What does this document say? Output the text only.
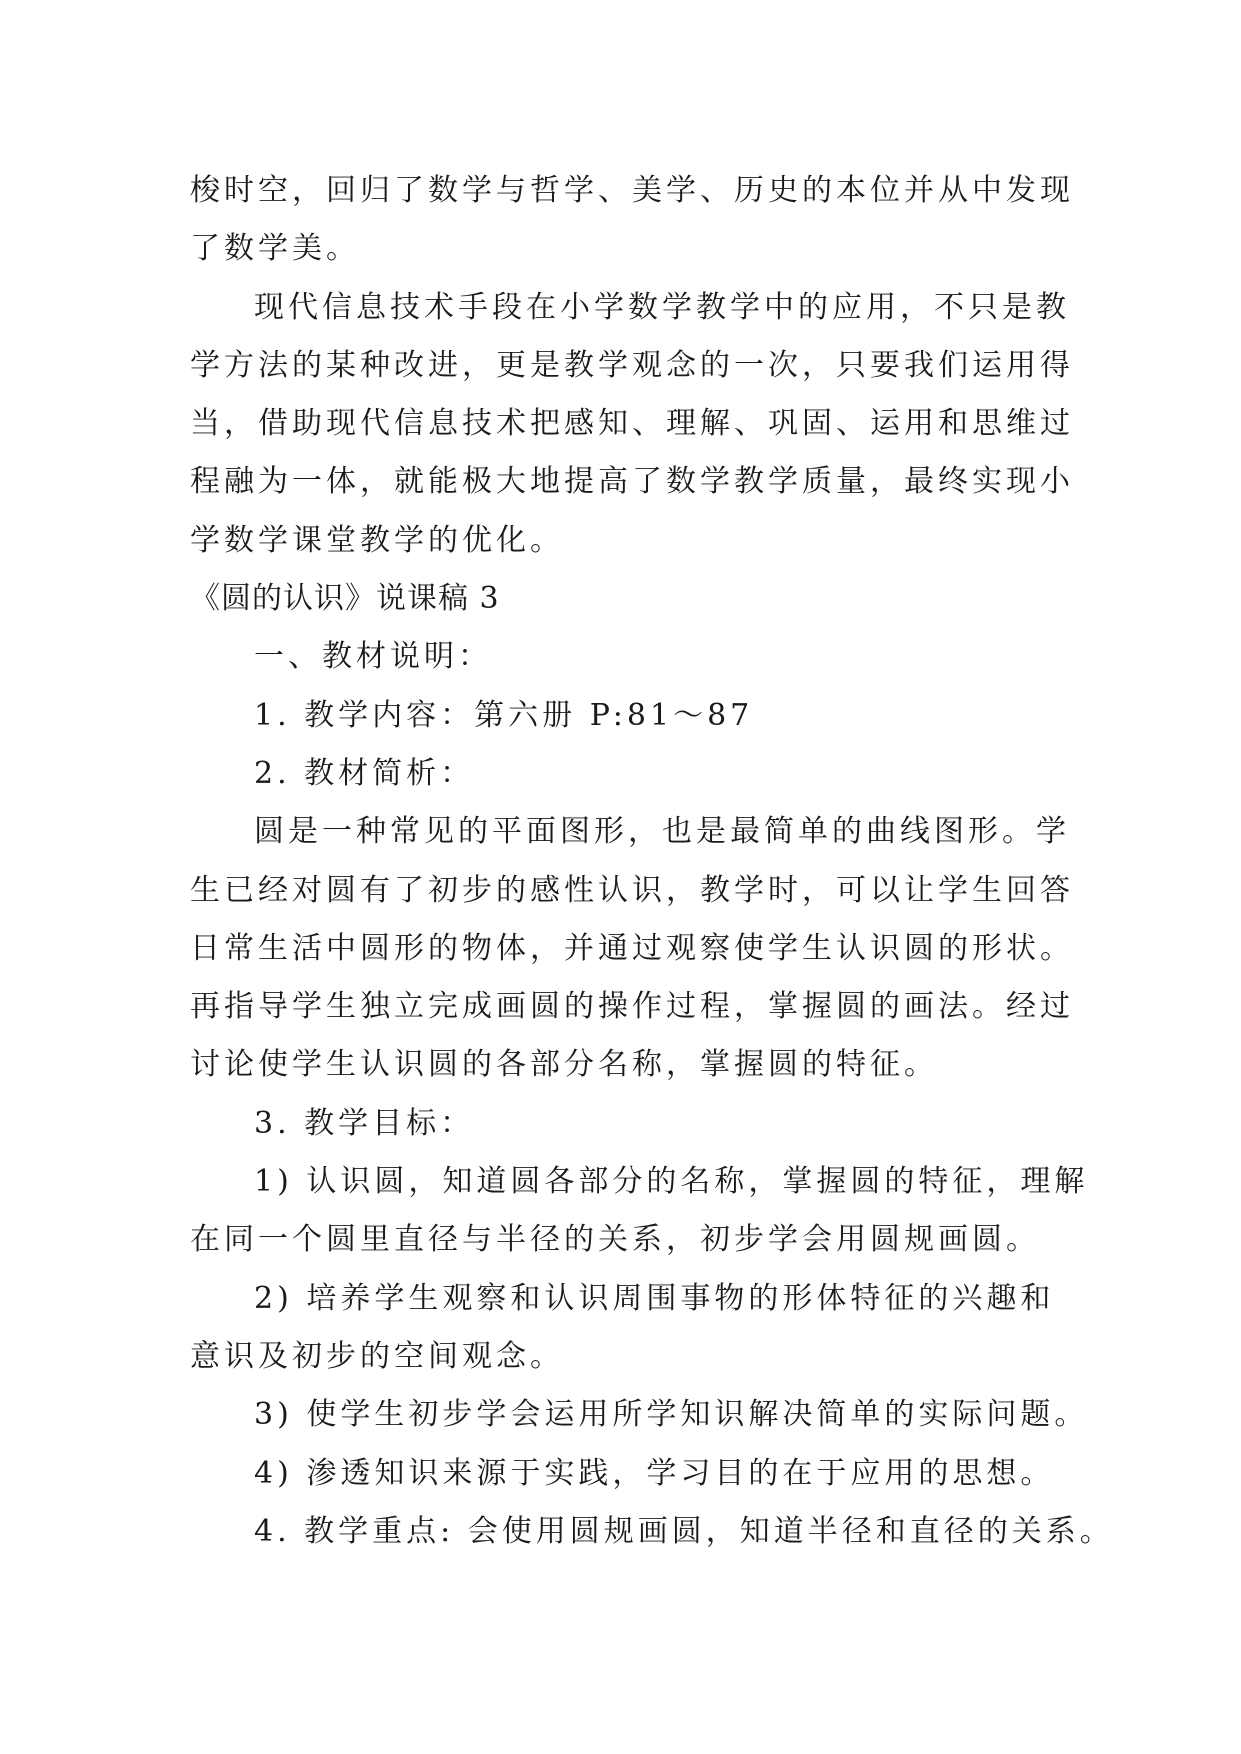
梭时空，回归了数学与哲学、美学、历史的本位并从中发现
了数学美。
现代信息技术手段在小学数学教学中的应用，不只是教
学方法的某种改进，更是教学观念的一次，只要我们运用得
当，借助现代信息技术把感知、理解、巩固、运用和思维过
程融为一体，就能极大地提高了数学教学质量，最终实现小
学数学课堂教学的优化。
《圆的认识》说课稿 3
一、教材说明：
1. 教学内容：第六册 P:81～87
2. 教材简析：
圆是一种常见的平面图形，也是最简单的曲线图形。学
生已经对圆有了初步的感性认识，教学时，可以让学生回答
日常生活中圆形的物体，并通过观察使学生认识圆的形状。
再指导学生独立完成画圆的操作过程，掌握圆的画法。经过
讨论使学生认识圆的各部分名称，掌握圆的特征。
3. 教学目标：
1) 认识圆，知道圆各部分的名称，掌握圆的特征，理解
在同一个圆里直径与半径的关系，初步学会用圆规画圆。
2) 培养学生观察和认识周围事物的形体特征的兴趣和
意识及初步的空间观念。
3) 使学生初步学会运用所学知识解决简单的实际问题。
4) 渗透知识来源于实践，学习目的在于应用的思想。
4. 教学重点: 会使用圆规画圆，知道半径和直径的关系。
